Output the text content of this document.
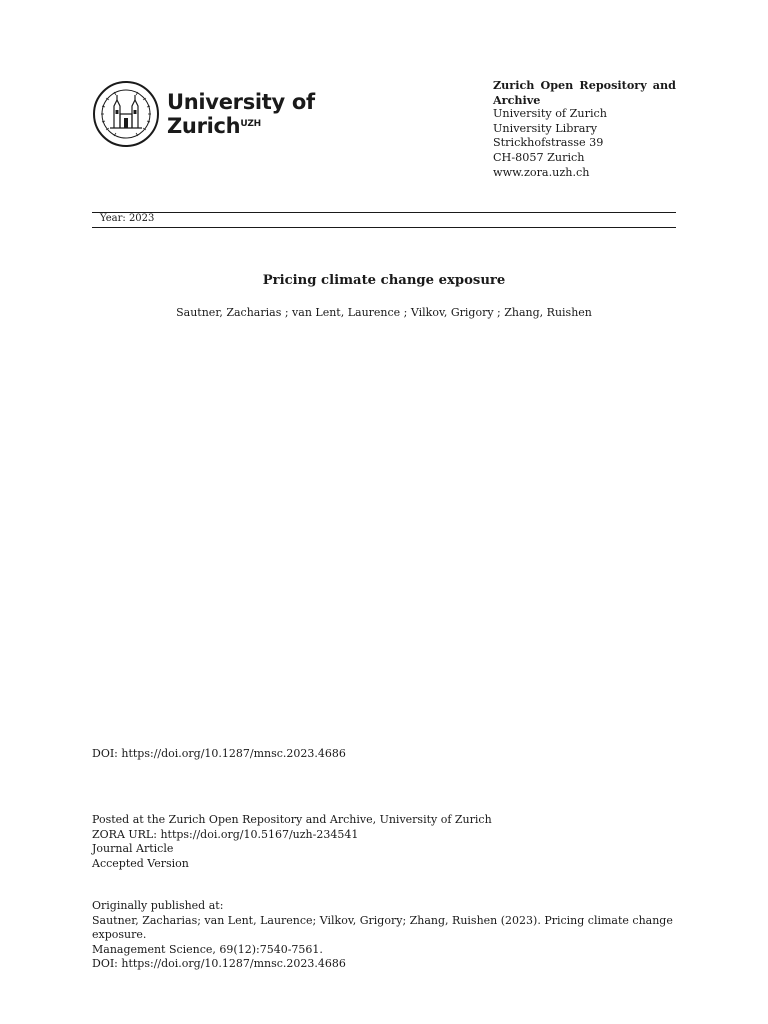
University of
Zurich$^{UZH}$
Zurich Open Repository and Archive
University of Zurich
University Library
Strickhofstrasse 39
CH-8057 Zurich
www.zora.uzh.ch
Year: 2023
Pricing climate change exposure
Sautner, Zacharias ; van Lent, Laurence ; Vilkov, Grigory ; Zhang, Ruishen
DOI: https://doi.org/10.1287/mnsc.2023.4686
Posted at the Zurich Open Repository and Archive, University of Zurich
ZORA URL: https://doi.org/10.5167/uzh-234541
Journal Article
Accepted Version
Originally published at:
Sautner, Zacharias; van Lent, Laurence; Vilkov, Grigory; Zhang, Ruishen (2023). Pricing climate change exposure.
Management Science, 69(12):7540-7561.
DOI: https://doi.org/10.1287/mnsc.2023.4686
